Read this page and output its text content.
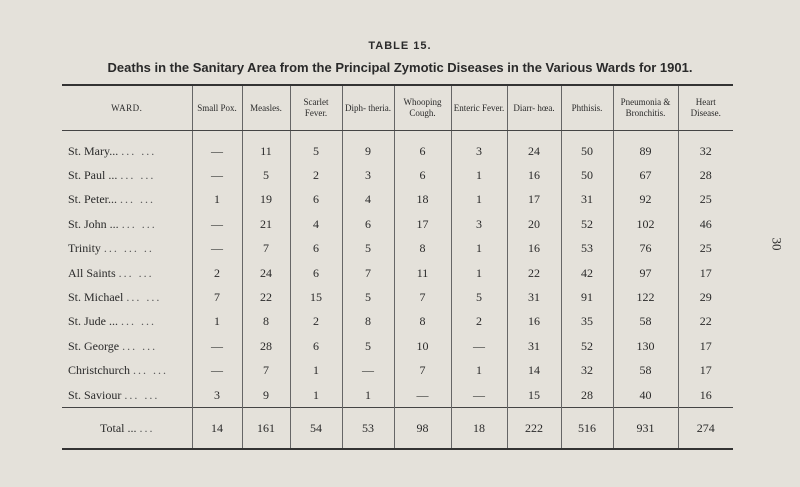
TABLE 15.
Deaths in the Sanitary Area from the Principal Zymotic Diseases in the Various Wards for 1901.
30
WARD.	Small Pox.	Measles.	Scarlet Fever.	Diph- theria.	Whooping Cough.	Enteric Fever.	Diarr- hœa.	Phthisis.	Pneumonia & Bronchitis.	Heart Disease.
St. Mary... ... ...	—	11	5	9	6	3	24	50	89	32
St. Paul ... ... ...	—	5	2	3	6	1	16	50	67	28
St. Peter... ... ...	1	19	6	4	18	1	17	31	92	25
St. John ... ... ...	—	21	4	6	17	3	20	52	102	46
Trinity ... ... ..	—	7	6	5	8	1	16	53	76	25
All Saints ... ...	2	24	6	7	11	1	22	42	97	17
St. Michael ... ...	7	22	15	5	7	5	31	91	122	29
St. Jude ... ... ...	1	8	2	8	8	2	16	35	58	22
St. George ... ...	—	28	6	5	10	—	31	52	130	17
Christchurch ... ...	—	7	1	—	7	1	14	32	58	17
St. Saviour ... ...	3	9	1	1	—	—	15	28	40	16
Total ... ...	14	161	54	53	98	18	222	516	931	274
